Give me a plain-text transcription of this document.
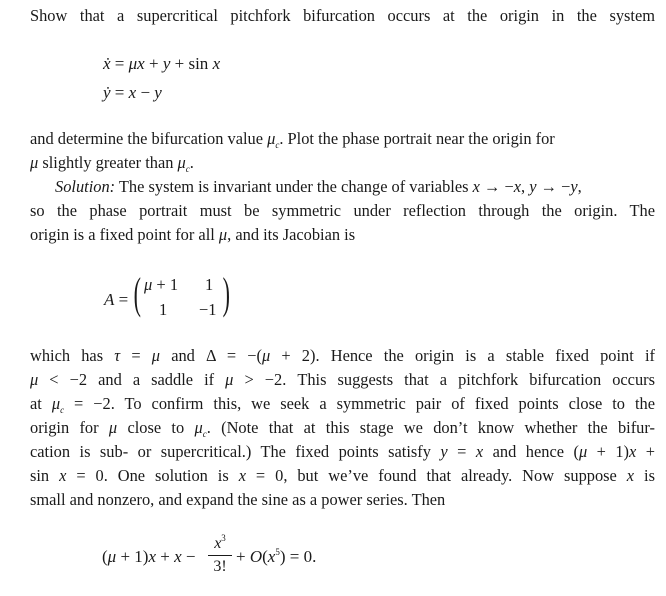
Show that a supercritical pitchfork bifurcation occurs at the origin in the system
ẋ = μx + y + sin x
ẏ = x − y
and determine the bifurcation value $\mu_c$. Plot the phase portrait near the origin for
μ slightly greater than $\mu_c$.
Solution: The system is invariant under the change of variables x → −x, y → −y,
so the phase portrait must be symmetric under reflection through the origin. The
origin is a fixed point for all μ, and its Jacobian is
A = ( )
μ + 1 1
1 −1
which has τ = μ and Δ = −(μ + 2). Hence the origin is a stable fixed point if
μ < −2 and a saddle if μ > −2. This suggests that a pitchfork bifurcation occurs
at $\mu_c = -2$. To confirm this, we seek a symmetric pair of fixed points close to the
origin for μ close to $\mu_c$. (Note that at this stage we don’t know whether the bifur-
cation is sub- or supercritical.) The fixed points satisfy y = x and hence (μ + 1)x +
sin x = 0. One solution is x = 0, but we’ve found that already. Now suppose x is
small and nonzero, and expand the sine as a power series. Then
(μ + 1)x + x −
$x^3$
3!
+ $O(x^5) = 0$.
